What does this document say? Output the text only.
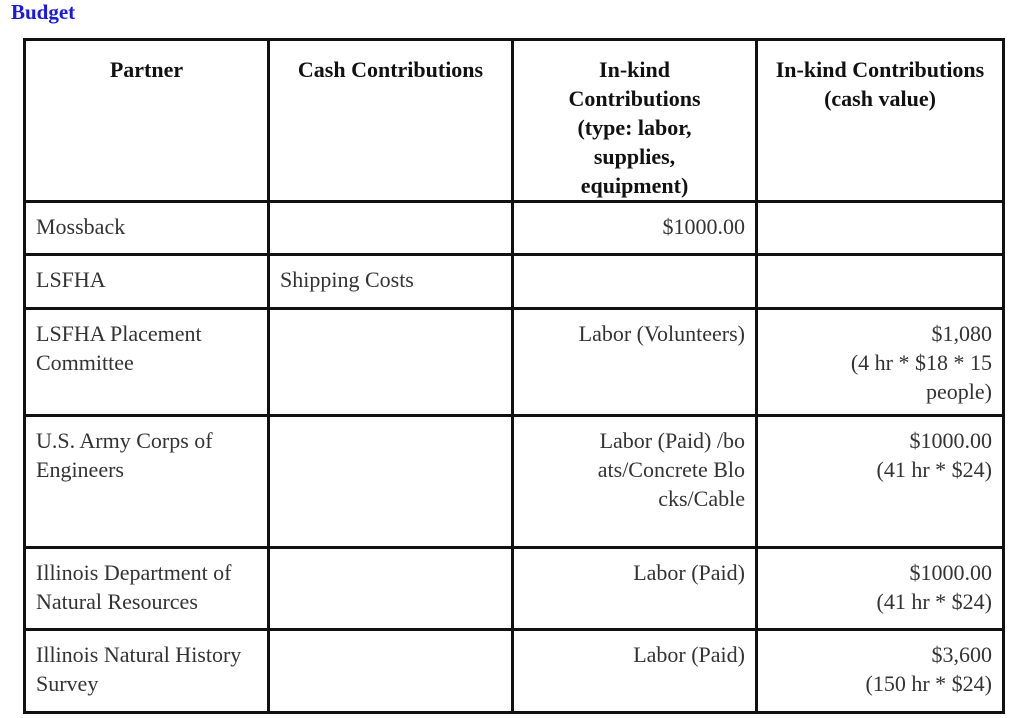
Budget
Partner	Cash Contributions	In-kind Contributions (type: labor, supplies, equipment)	In-kind Contributions (cash value)
Mossback		$1000.00	
LSFHA	Shipping Costs		
LSFHA Placement Committee		Labor (Volunteers)	$1,080
(4 hr * $18 * 15 people)
U.S. Army Corps of Engineers		Labor (Paid) /boats/Concrete Blocks/Cable	$1000.00
(41 hr * $24)

Illinois Department of Natural Resources		Labor (Paid)	$1000.00
(41 hr * $24)

Illinois Natural History Survey		Labor (Paid)	$3,600
(150 hr * $24)
